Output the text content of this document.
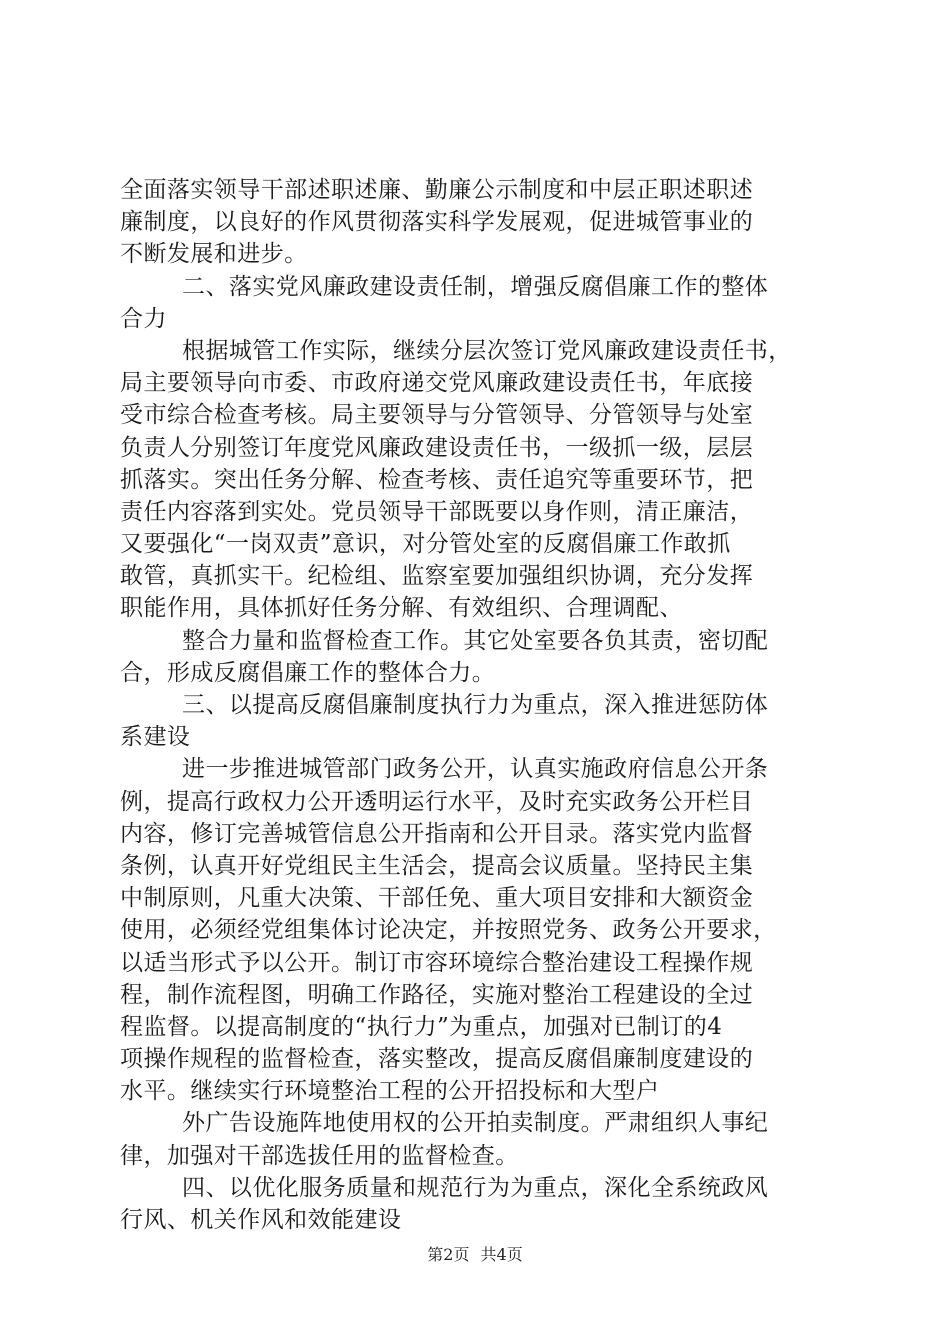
全面落实领导干部述职述廉、勤廉公示制度和中层正职述职述
廉制度，以良好的作风贯彻落实科学发展观，促进城管事业的
不断发展和进步。
二、落实党风廉政建设责任制，增强反腐倡廉工作的整体
合力
根据城管工作实际，继续分层次签订党风廉政建设责任书，
局主要领导向市委、市政府递交党风廉政建设责任书，年底接
受市综合检查考核。局主要领导与分管领导、分管领导与处室
负责人分别签订年度党风廉政建设责任书，一级抓一级，层层
抓落实。突出任务分解、检查考核、责任追究等重要环节，把
责任内容落到实处。党员领导干部既要以身作则，清正廉洁，
又要强化“一岗双责”意识，对分管处室的反腐倡廉工作敢抓
敢管，真抓实干。纪检组、监察室要加强组织协调，充分发挥
职能作用，具体抓好任务分解、有效组织、合理调配、
整合力量和监督检查工作。其它处室要各负其责，密切配
合，形成反腐倡廉工作的整体合力。
三、以提高反腐倡廉制度执行力为重点，深入推进惩防体
系建设
进一步推进城管部门政务公开，认真实施政府信息公开条
例，提高行政权力公开透明运行水平，及时充实政务公开栏目
内容，修订完善城管信息公开指南和公开目录。落实党内监督
条例，认真开好党组民主生活会，提高会议质量。坚持民主集
中制原则，凡重大决策、干部任免、重大项目安排和大额资金
使用，必须经党组集体讨论决定，并按照党务、政务公开要求，
以适当形式予以公开。制订市容环境综合整治建设工程操作规
程，制作流程图，明确工作路径，实施对整治工程建设的全过
程监督。以提高制度的“执行力”为重点，加强对已制订的4
项操作规程的监督检查，落实整改，提高反腐倡廉制度建设的
水平。继续实行环境整治工程的公开招投标和大型户
外广告设施阵地使用权的公开拍卖制度。严肃组织人事纪
律，加强对干部选拔任用的监督检查。
四、以优化服务质量和规范行为为重点，深化全系统政风
行风、机关作风和效能建设
第2页 共4页
